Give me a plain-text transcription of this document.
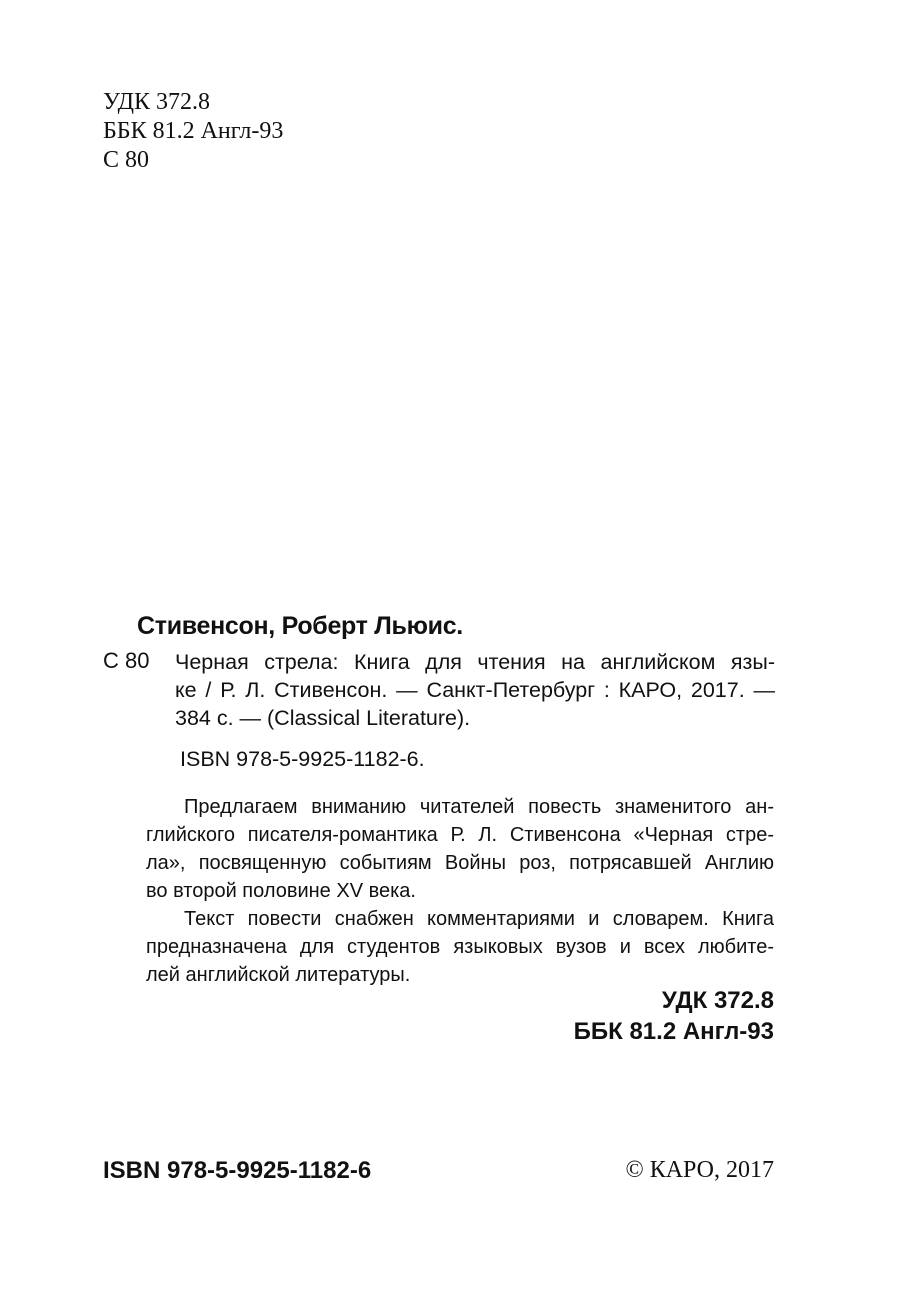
УДК 372.8
ББК 81.2 Англ-93
С 80
Стивенсон, Роберт Льюис.
С 80 Черная стрела: Книга для чтения на английском язы-
ке / Р. Л. Стивенсон. — Санкт-Петербург : КАРО, 2017. —
384 с. — (Classical Literature).
ISBN 978-5-9925-1182-6.
Предлагаем вниманию читателей повесть знаменитого ан-
глийского писателя-романтика Р. Л. Стивенсона «Черная стре-
ла», посвященную событиям Войны роз, потрясавшей Англию
во второй половине XV века.
Текст повести снабжен комментариями и словарем. Книга
предназначена для студентов языковых вузов и всех любите-
лей английской литературы.
УДК 372.8
ББК 81.2 Англ-93
ISBN 978-5-9925-1182-6	© КАРО, 2017
